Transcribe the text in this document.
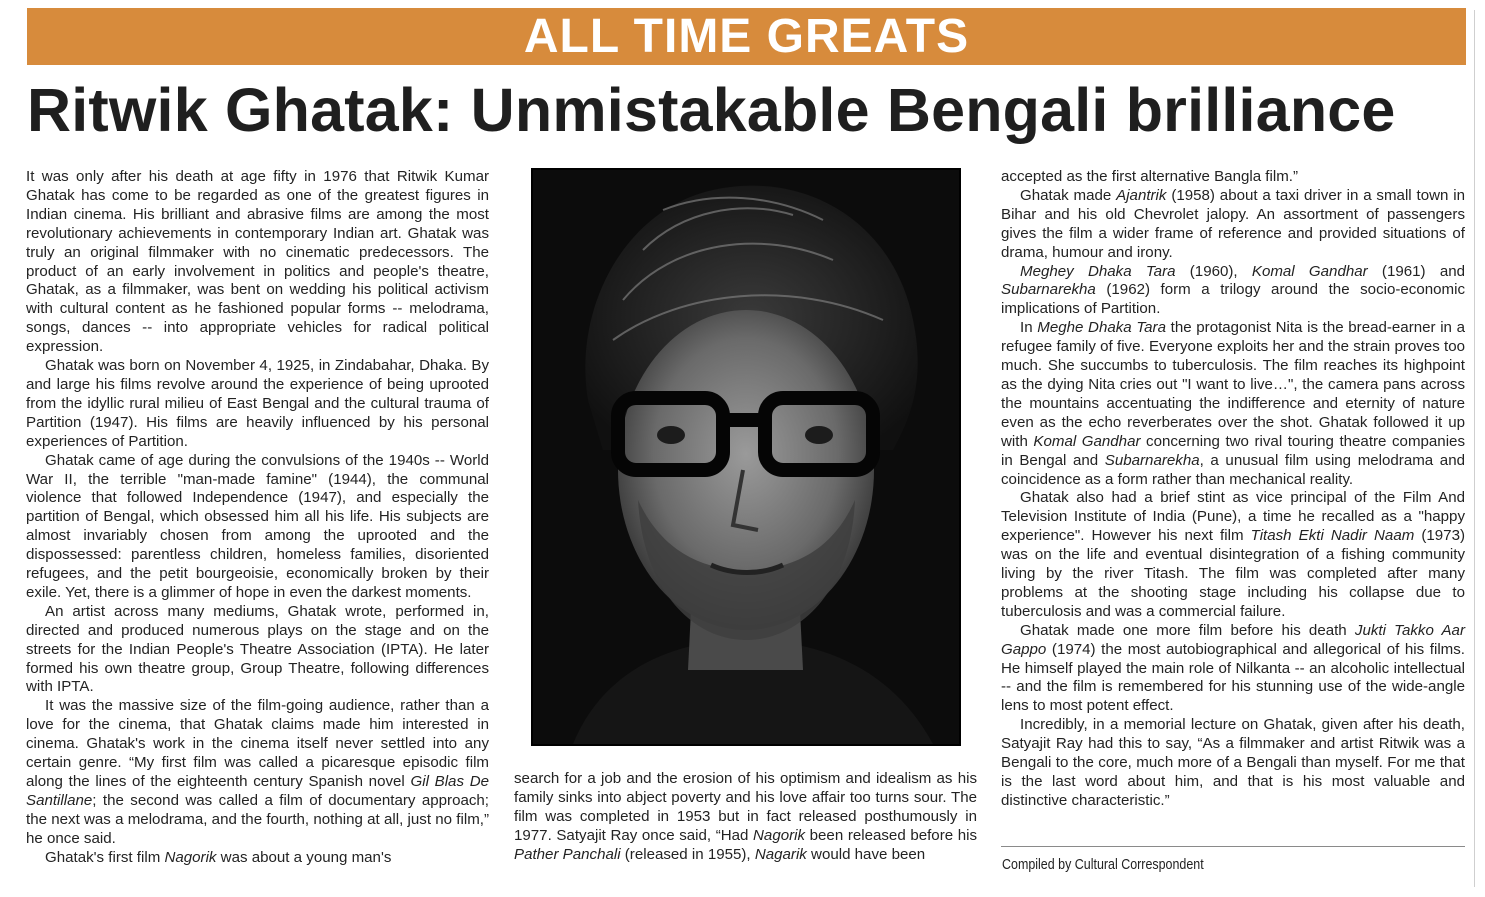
ALL TIME GREATS
Ritwik Ghatak: Unmistakable Bengali brilliance

It was only after his death at age fifty in 1976 that Ritwik Kumar Ghatak has come to be regarded as one of the greatest figures in Indian cinema. His brilliant and abrasive films are among the most revolutionary achievements in contemporary Indian art. Ghatak was truly an original filmmaker with no cinematic predecessors. The product of an early involvement in politics and people's theatre, Ghatak, as a filmmaker, was bent on wedding his political activism with cultural content as he fashioned popular forms -- melodrama, songs, dances -- into appropriate vehicles for radical political expression.

Ghatak was born on November 4, 1925, in Zindabahar, Dhaka. By and large his films revolve around the experience of being uprooted from the idyllic rural milieu of East Bengal and the cultural trauma of Partition (1947). His films are heavily influenced by his personal experiences of Partition.

Ghatak came of age during the convulsions of the 1940s -- World War II, the terrible "man-made famine" (1944), the communal violence that followed Independence (1947), and especially the partition of Bengal, which obsessed him all his life. His subjects are almost invariably chosen from among the uprooted and the dispossessed: parentless children, homeless families, disoriented refugees, and the petit bourgeoisie, economically broken by their exile. Yet, there is a glimmer of hope in even the darkest moments.

An artist across many mediums, Ghatak wrote, performed in, directed and produced numerous plays on the stage and on the streets for the Indian People's Theatre Association (IPTA). He later formed his own theatre group, Group Theatre, following differences with IPTA.

It was the massive size of the film-going audience, rather than a love for the cinema, that Ghatak claims made him interested in cinema. Ghatak's work in the cinema itself never settled into any certain genre. “My first film was called a picaresque episodic film along the lines of the eighteenth century Spanish novel Gil Blas De Santillane; the second was called a film of documentary approach; the next was a melodrama, and the fourth, nothing at all, just no film,” he once said.

Ghatak's first film Nagorik was about a young man's

search for a job and the erosion of his optimism and idealism as his family sinks into abject poverty and his love affair too turns sour. The film was completed in 1953 but in fact released posthumously in 1977. Satyajit Ray once said, “Had Nagorik been released before his Pather Panchali (released in 1955), Nagarik would have been

accepted as the first alternative Bangla film.”

Ghatak made Ajantrik (1958) about a taxi driver in a small town in Bihar and his old Chevrolet jalopy. An assortment of passengers gives the film a wider frame of reference and provided situations of drama, humour and irony.

Meghey Dhaka Tara (1960), Komal Gandhar (1961) and Subarnarekha (1962) form a trilogy around the socio-economic implications of Partition.

In Meghe Dhaka Tara the protagonist Nita is the bread-earner in a refugee family of five. Everyone exploits her and the strain proves too much. She succumbs to tuberculosis. The film reaches its highpoint as the dying Nita cries out "I want to live…", the camera pans across the mountains accentuating the indifference and eternity of nature even as the echo reverberates over the shot. Ghatak followed it up with Komal Gandhar concerning two rival touring theatre companies in Bengal and Subarnarekha, a unusual film using melodrama and coincidence as a form rather than mechanical reality.

Ghatak also had a brief stint as vice principal of the Film And Television Institute of India (Pune), a time he recalled as a "happy experience". However his next film Titash Ekti Nadir Naam (1973) was on the life and eventual disintegration of a fishing community living by the river Titash. The film was completed after many problems at the shooting stage including his collapse due to tuberculosis and was a commercial failure.

Ghatak made one more film before his death Jukti Takko Aar Gappo (1974) the most autobiographical and allegorical of his films. He himself played the main role of Nilkanta -- an alcoholic intellectual -- and the film is remembered for his stunning use of the wide-angle lens to most potent effect.

Incredibly, in a memorial lecture on Ghatak, given after his death, Satyajit Ray had this to say, “As a filmmaker and artist Ritwik was a Bengali to the core, much more of a Bengali than myself. For me that is the last word about him, and that is his most valuable and distinctive characteristic.”

Compiled by Cultural Correspondent
